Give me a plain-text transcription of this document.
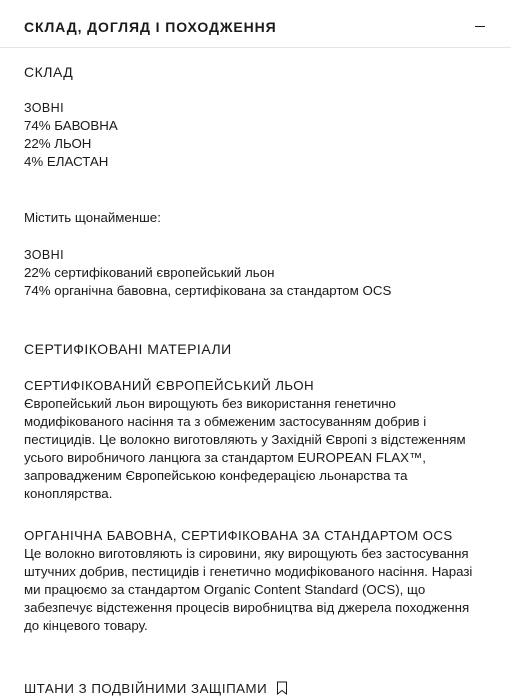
СКЛАД, ДОГЛЯД І ПОХОДЖЕННЯ
СКЛАД
ЗОВНІ
74% БАВОВНА
22% ЛЬОН
4% ЕЛАСТАН
Містить щонайменше:
ЗОВНІ
22% сертифікований європейський льон
74% органічна бавовна, сертифікована за стандартом OCS
СЕРТИФІКОВАНІ МАТЕРІАЛИ
СЕРТИФІКОВАНИЙ ЄВРОПЕЙСЬКИЙ ЛЬОН
Європейський льон вирощують без використання генетично
модифікованого насіння та з обмеженим застосуванням добрив і
пестицидів. Це волокно виготовляють у Західній Європі з відстеженням
усього виробничого ланцюга за стандартом EUROPEAN FLAX™,
запровадженим Європейською конфедерацією льонарства та
коноплярства.
ОРГАНІЧНА БАВОВНА, СЕРТИФІКОВАНА ЗА СТАНДАРТОМ OCS
Це волокно виготовляють із сировини, яку вирощують без застосування
штучних добрив, пестицидів і генетично модифікованого насіння. Наразі
ми працюємо за стандартом Organic Content Standard (OCS), що
забезпечує відстеження процесів виробництва від джерела походження
до кінцевого товару.
ШТАНИ З ПОДВІЙНИМИ ЗАЩІПАМИ
